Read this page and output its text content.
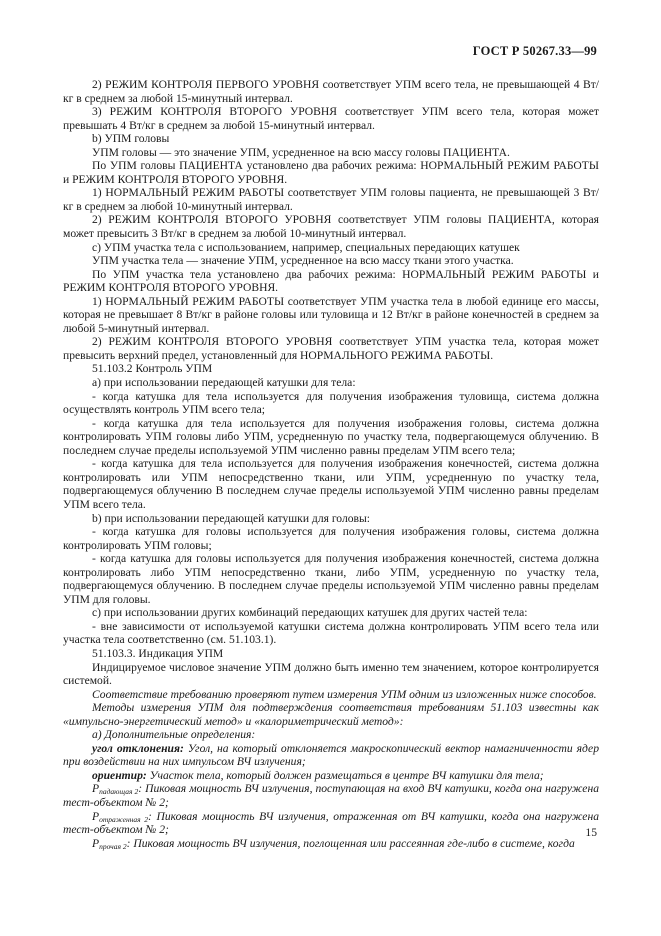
ГОСТ Р 50267.33—99

2) РЕЖИМ КОНТРОЛЯ ПЕРВОГО УРОВНЯ соответствует УПМ всего тела, не превышающей 4 Вт/кг в среднем за любой 15-минутный интервал.

3) РЕЖИМ КОНТРОЛЯ ВТОРОГО УРОВНЯ соответствует УПМ всего тела, которая может превышать 4 Вт/кг в среднем за любой 15-минутный интервал.

b) УПМ головы

УПМ головы — это значение УПМ, усредненное на всю массу головы ПАЦИЕНТА.

По УПМ головы ПАЦИЕНТА установлено два рабочих режима: НОРМАЛЬНЫЙ РЕЖИМ РАБОТЫ и РЕЖИМ КОНТРОЛЯ ВТОРОГО УРОВНЯ.

1) НОРМАЛЬНЫЙ РЕЖИМ РАБОТЫ соответствует УПМ головы пациента, не превышающей 3 Вт/кг в среднем за любой 10-минутный интервал.

2) РЕЖИМ КОНТРОЛЯ ВТОРОГО УРОВНЯ соответствует УПМ головы ПАЦИЕНТА, которая может превысить 3 Вт/кг в среднем за любой 10-минутный интервал.

c) УПМ участка тела с использованием, например, специальных передающих катушек

УПМ участка тела — значение УПМ, усредненное на всю массу ткани этого участка.

По УПМ участка тела установлено два рабочих режима: НОРМАЛЬНЫЙ РЕЖИМ РАБОТЫ и РЕЖИМ КОНТРОЛЯ ВТОРОГО УРОВНЯ.

1) НОРМАЛЬНЫЙ РЕЖИМ РАБОТЫ соответствует УПМ участка тела в любой единице его массы, которая не превышает 8 Вт/кг в районе головы или туловища и 12 Вт/кг в районе конечностей в среднем за любой 5-минутный интервал.

2) РЕЖИМ КОНТРОЛЯ ВТОРОГО УРОВНЯ соответствует УПМ участка тела, которая может превысить верхний предел, установленный для НОРМАЛЬНОГО РЕЖИМА РАБОТЫ.

51.103.2 Контроль УПМ

a) при использовании передающей катушки для тела:

- когда катушка для тела используется для получения изображения туловища, система должна осуществлять контроль УПМ всего тела;

- когда катушка для тела используется для получения изображения головы, система должна контролировать УПМ головы либо УПМ, усредненную по участку тела, подвергающемуся облучению. В последнем случае пределы используемой УПМ численно равны пределам УПМ всего тела;

- когда катушка для тела используется для получения изображения конечностей, система должна контролировать или УПМ непосредственно ткани, или УПМ, усредненную по участку тела, подвергающемуся облучению В последнем случае пределы используемой УПМ численно равны пределам УПМ всего тела.

b) при использовании передающей катушки для головы:

- когда катушка для головы используется для получения изображения головы, система должна контролировать УПМ головы;

- когда катушка для головы используется для получения изображения конечностей, система должна контролировать либо УПМ непосредственно ткани, либо УПМ, усредненную по участку тела, подвергающемуся облучению. В последнем случае пределы используемой УПМ численно равны пределам УПМ для головы.

c) при использовании других комбинаций передающих катушек для других частей тела:

- вне зависимости от используемой катушки система должна контролировать УПМ всего тела или участка тела соответственно (см. 51.103.1).

51.103.3. Индикация УПМ

Индицируемое числовое значение УПМ должно быть именно тем значением, которое контролируется системой.

Соответствие требованию проверяют путем измерения УПМ одним из изложенных ниже способов.

Методы измерения УПМ для подтверждения соответствия требованиям 51.103 известны как «импульсно-энергетический метод» и «калориметрический метод»:

a) Дополнительные определения:

угол отклонения: Угол, на который отклоняется макроскопический вектор намагниченности ядер при воздействии на них импульсом ВЧ излучения;

ориентир: Участок тела, который должен размещаться в центре ВЧ катушки для тела;

$P_{падающая 2}$: Пиковая мощность ВЧ излучения, поступающая на вход ВЧ катушки, когда она нагружена тест-объектом № 2;

$P_{отраженная 2}$: Пиковая мощность ВЧ излучения, отраженная от ВЧ катушки, когда она нагружена тест-объектом № 2;

$P_{прочая 2}$: Пиковая мощность ВЧ излучения, поглощенная или рассеянная где-либо в системе, когда

15
